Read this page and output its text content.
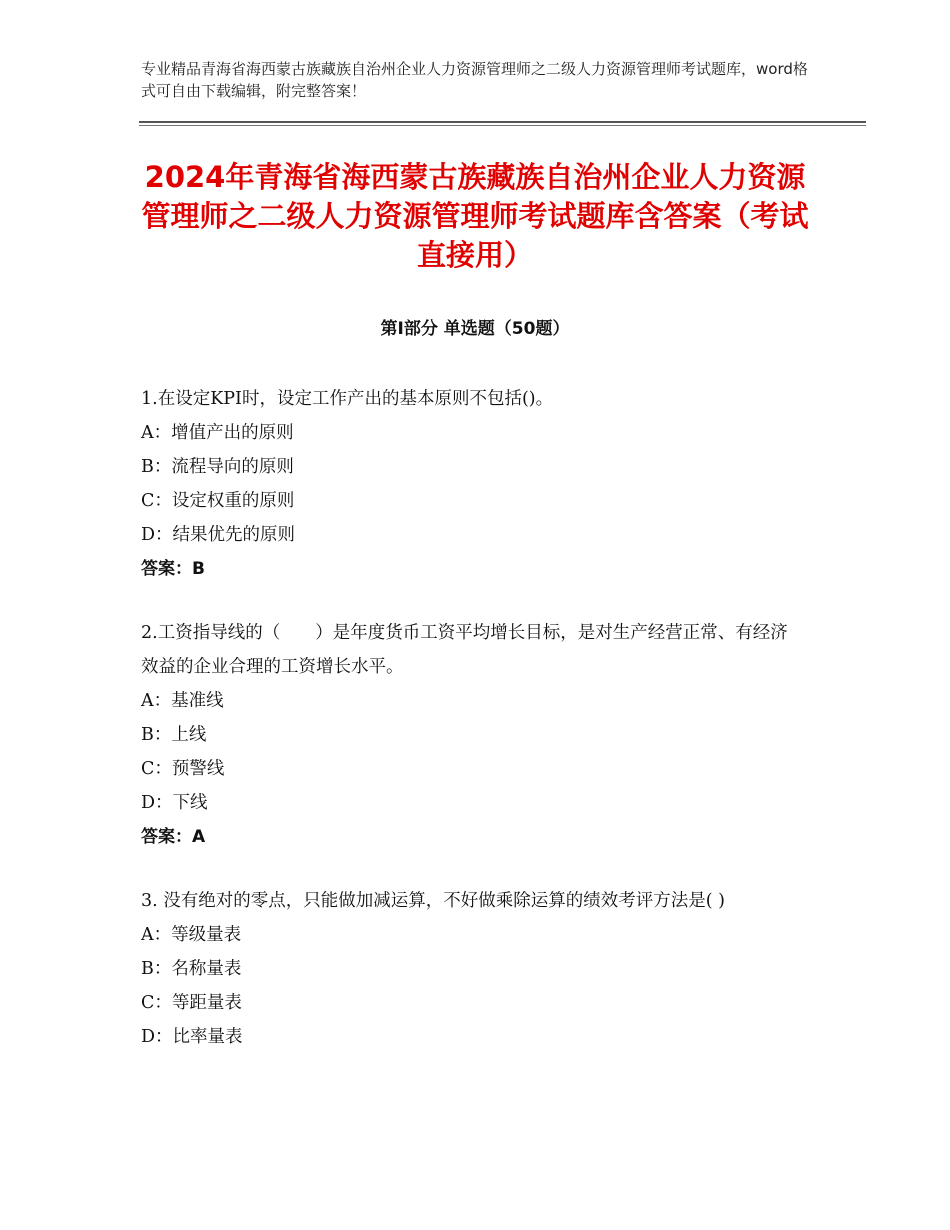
专业精品青海省海西蒙古族藏族自治州企业人力资源管理师之二级人力资源管理师考试题库，word格式可自由下载编辑，附完整答案！
2024年青海省海西蒙古族藏族自治州企业人力资源管理师之二级人力资源管理师考试题库含答案（考试直接用）
第Ⅰ部分 单选题（50题）

1.在设定KPI时，设定工作产出的基本原则不包括()。

A：增值产出的原则

B：流程导向的原则

C：设定权重的原则

D：结果优先的原则

答案：B

2.工资指导线的（　　）是年度货币工资平均增长目标，是对生产经营正常、有经济效益的企业合理的工资增长水平。

A：基准线

B：上线

C：预警线

D：下线

答案：A

3. 没有绝对的零点，只能做加减运算，不好做乘除运算的绩效考评方法是( )

A：等级量表

B：名称量表

C：等距量表

D：比率量表
